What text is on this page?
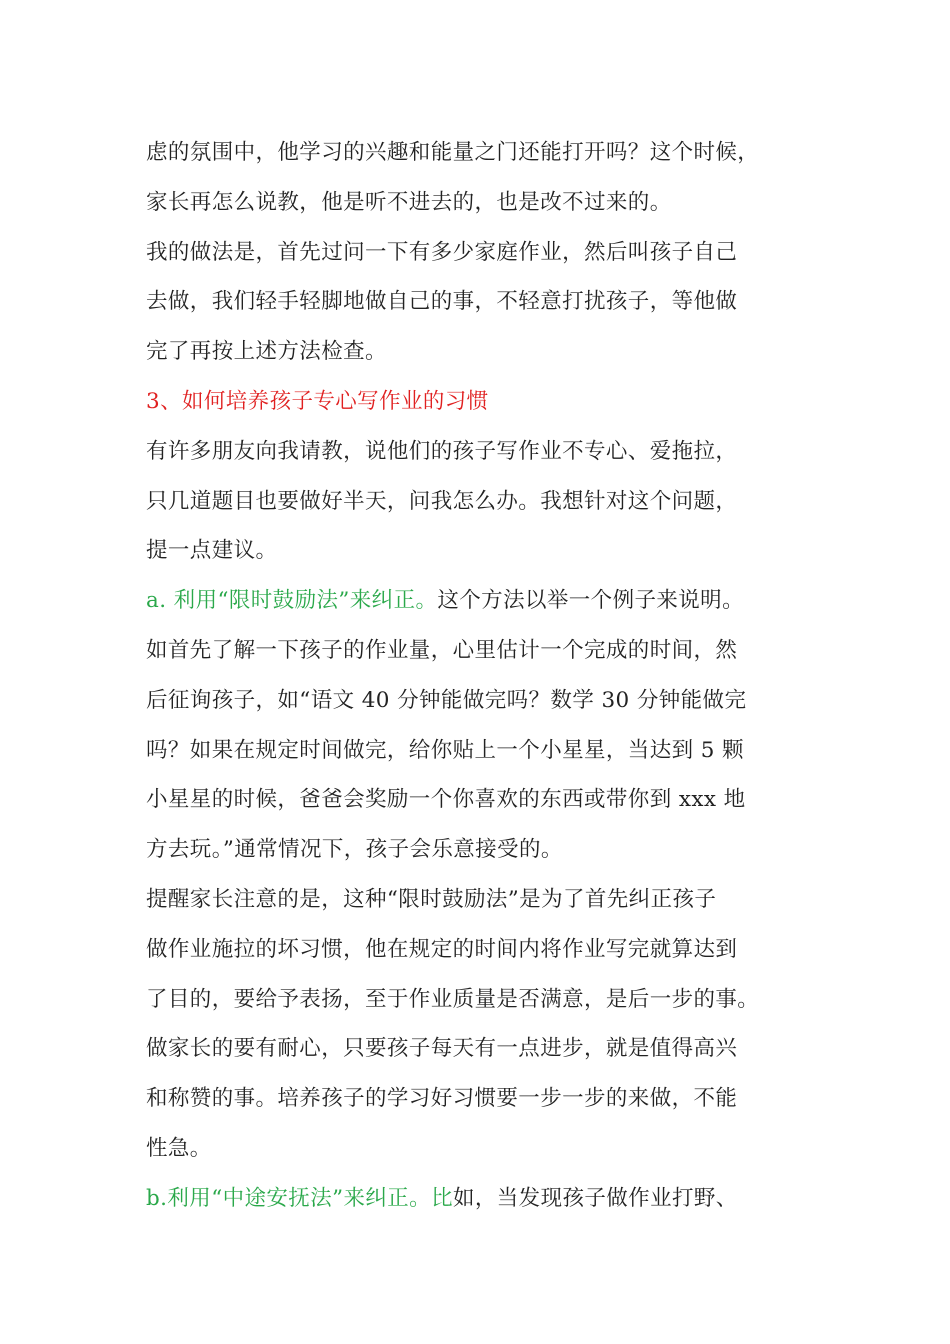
虑的氛围中，他学习的兴趣和能量之门还能打开吗？这个时候，
家长再怎么说教，他是听不进去的，也是改不过来的。
我的做法是，首先过问一下有多少家庭作业，然后叫孩子自己
去做，我们轻手轻脚地做自己的事，不轻意打扰孩子，等他做
完了再按上述方法检查。
3、如何培养孩子专心写作业的习惯
有许多朋友向我请教，说他们的孩子写作业不专心、爱拖拉，
只几道题目也要做好半天，问我怎么办。我想针对这个问题，
提一点建议。
a. 利用“限时鼓励法”来纠正。这个方法以举一个例子来说明。
如首先了解一下孩子的作业量，心里估计一个完成的时间，然
后征询孩子，如“语文 40 分钟能做完吗？数学 30 分钟能做完
吗？如果在规定时间做完，给你贴上一个小星星，当达到 5 颗
小星星的时候，爸爸会奖励一个你喜欢的东西或带你到 xxx 地
方去玩。”通常情况下，孩子会乐意接受的。
提醒家长注意的是，这种“限时鼓励法”是为了首先纠正孩子
做作业施拉的坏习惯，他在规定的时间内将作业写完就算达到
了目的，要给予表扬，至于作业质量是否满意，是后一步的事。
做家长的要有耐心，只要孩子每天有一点进步，就是值得高兴
和称赞的事。培养孩子的学习好习惯要一步一步的来做，不能
性急。
b.利用“中途安抚法”来纠正。比如，当发现孩子做作业打野、
